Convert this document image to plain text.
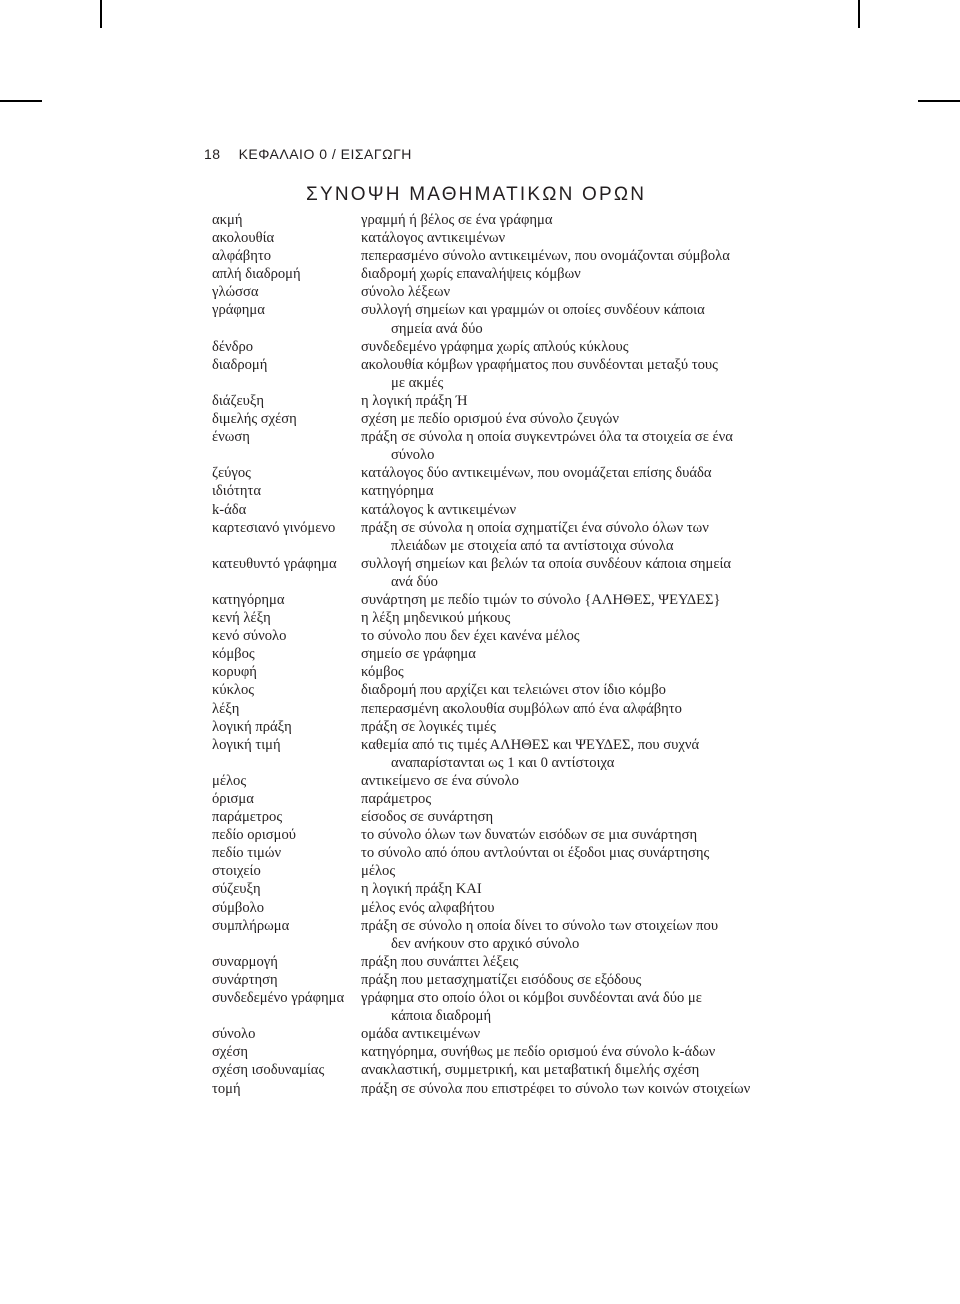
18 ΚΕΦΑΛΑΙΟ 0 / ΕΙΣΑΓΩΓΗ
ΣΥΝΟΨΗ ΜΑΘΗΜΑΤΙΚΩΝ ΟΡΩΝ
ακμή	γραμμή ή βέλος σε ένα γράφημα
ακολουθία	κατάλογος αντικειμένων
αλφάβητο	πεπερασμένο σύνολο αντικειμένων, που ονομάζονται σύμβολα
απλή διαδρομή	διαδρομή χωρίς επαναλήψεις κόμβων
γλώσσα	σύνολο λέξεων
γράφημα	συλλογή σημείων και γραμμών οι οποίες συνδέουν κάποια
σημεία ανά δύο
δένδρο	συνδεδεμένο γράφημα χωρίς απλούς κύκλους
διαδρομή	ακολουθία κόμβων γραφήματος που συνδέονται μεταξύ τους
με ακμές
διάζευξη	η λογική πράξη Ή
διμελής σχέση	σχέση με πεδίο ορισμού ένα σύνολο ζευγών
ένωση	πράξη σε σύνολα η οποία συγκεντρώνει όλα τα στοιχεία σε ένα
σύνολο
ζεύγος	κατάλογος δύο αντικειμένων, που ονομάζεται επίσης δυάδα
ιδιότητα	κατηγόρημα
k-άδα	κατάλογος k αντικειμένων
καρτεσιανό γινόμενο	πράξη σε σύνολα η οποία σχηματίζει ένα σύνολο όλων των
πλειάδων με στοιχεία από τα αντίστοιχα σύνολα
κατευθυντό γράφημα	συλλογή σημείων και βελών τα οποία συνδέουν κάποια σημεία
ανά δύο
κατηγόρημα	συνάρτηση με πεδίο τιμών το σύνολο {ΑΛΗΘΕΣ, ΨΕΥΔΕΣ}
κενή λέξη	η λέξη μηδενικού μήκους
κενό σύνολο	το σύνολο που δεν έχει κανένα μέλος
κόμβος	σημείο σε γράφημα
κορυφή	κόμβος
κύκλος	διαδρομή που αρχίζει και τελειώνει στον ίδιο κόμβο
λέξη	πεπερασμένη ακολουθία συμβόλων από ένα αλφάβητο
λογική πράξη	πράξη σε λογικές τιμές
λογική τιμή	καθεμία από τις τιμές ΑΛΗΘΕΣ και ΨΕΥΔΕΣ, που συχνά
αναπαρίστανται ως 1 και 0 αντίστοιχα
μέλος	αντικείμενο σε ένα σύνολο
όρισμα	παράμετρος
παράμετρος	είσοδος σε συνάρτηση
πεδίο ορισμού	το σύνολο όλων των δυνατών εισόδων σε μια συνάρτηση
πεδίο τιμών	το σύνολο από όπου αντλούνται οι έξοδοι μιας συνάρτησης
στοιχείο	μέλος
σύζευξη	η λογική πράξη ΚΑΙ
σύμβολο	μέλος ενός αλφαβήτου
συμπλήρωμα	πράξη σε σύνολο η οποία δίνει το σύνολο των στοιχείων που
δεν ανήκουν στο αρχικό σύνολο
συναρμογή	πράξη που συνάπτει λέξεις
συνάρτηση	πράξη που μετασχηματίζει εισόδους σε εξόδους
συνδεδεμένο γράφημα	γράφημα στο οποίο όλοι οι κόμβοι συνδέονται ανά δύο με
κάποια διαδρομή
σύνολο	ομάδα αντικειμένων
σχέση	κατηγόρημα, συνήθως με πεδίο ορισμού ένα σύνολο k-άδων
σχέση ισοδυναμίας	ανακλαστική, συμμετρική, και μεταβατική διμελής σχέση
τομή	πράξη σε σύνολα που επιστρέφει το σύνολο των κοινών στοιχείων
